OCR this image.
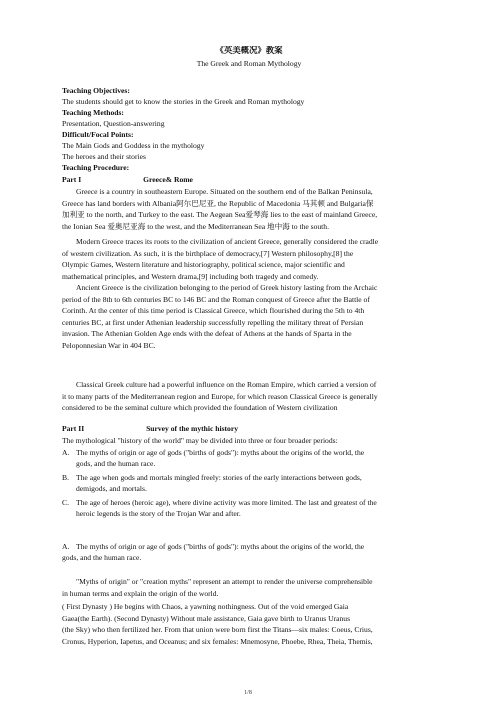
《英美概况》教案
The Greek and Roman Mythology
Teaching Objectives:
The students should get to know the stories in the Greek and Roman mythology
Teaching Methods:
Presentation, Question-answering
Difficult/Focal Points:
The Main Gods and Goddess in the mythology
The heroes and their stories
Teaching Procedure:
Part I	Greece& Rome
Greece is a country in southeastern Europe. Situated on the southern end of the Balkan Peninsula,
Greece has land borders with Albania阿尔巴尼亚, the Republic of Macedonia 马其顿 and Bulgaria保
加利亚 to the north, and Turkey to the east. The Aegean Sea爱琴海 lies to the east of mainland Greece,
the Ionian Sea 爱奥尼亚海 to the west, and the Mediterranean Sea 地中海 to the south.
Modern Greece traces its roots to the civilization of ancient Greece, generally considered the cradle
of western civilization. As such, it is the birthplace of democracy,[7] Western philosophy,[8] the
Olympic Games, Western literature and historiography, political science, major scientific and
mathematical principles, and Western drama,[9] including both tragedy and comedy.
Ancient Greece is the civilization belonging to the period of Greek history lasting from the Archaic
period of the 8th to 6th centuries BC to 146 BC and the Roman conquest of Greece after the Battle of
Corinth. At the center of this time period is Classical Greece, which flourished during the 5th to 4th
centuries BC, at first under Athenian leadership successfully repelling the military threat of Persian
invasion. The Athenian Golden Age ends with the defeat of Athens at the hands of Sparta in the
Peloponnesian War in 404 BC.
Classical Greek culture had a powerful influence on the Roman Empire, which carried a version of
it to many parts of the Mediterranean region and Europe, for which reason Classical Greece is generally
considered to be the seminal culture which provided the foundation of Western civilization
Part II	Survey of the mythic history
The mythological "history of the world" may be divided into three or four broader periods:
A. The myths of origin or age of gods ("births of gods"): myths about the origins of the world, the
gods, and the human race.
B. The age when gods and mortals mingled freely: stories of the early interactions between gods,
demigods, and mortals.
C. The age of heroes (heroic age), where divine activity was more limited. The last and greatest of the
heroic legends is the story of the Trojan War and after.
A. The myths of origin or age of gods ("births of gods"): myths about the origins of the world, the
gods, and the human race.
"Myths of origin" or "creation myths" represent an attempt to render the universe comprehensible
in human terms and explain the origin of the world.
( First Dynasty ) He begins with Chaos, a yawning nothingness. Out of the void emerged Gaia
Gaea(the Earth). (Second Dynasty) Without male assistance, Gaia gave birth to Uranus Uranus
(the Sky) who then fertilized her. From that union were born first the Titans—six males: Coeus, Crius,
Cronus, Hyperion, Iapetus, and Oceanus; and six females: Mnemosyne, Phoebe, Rhea, Theia, Themis,
1/8
